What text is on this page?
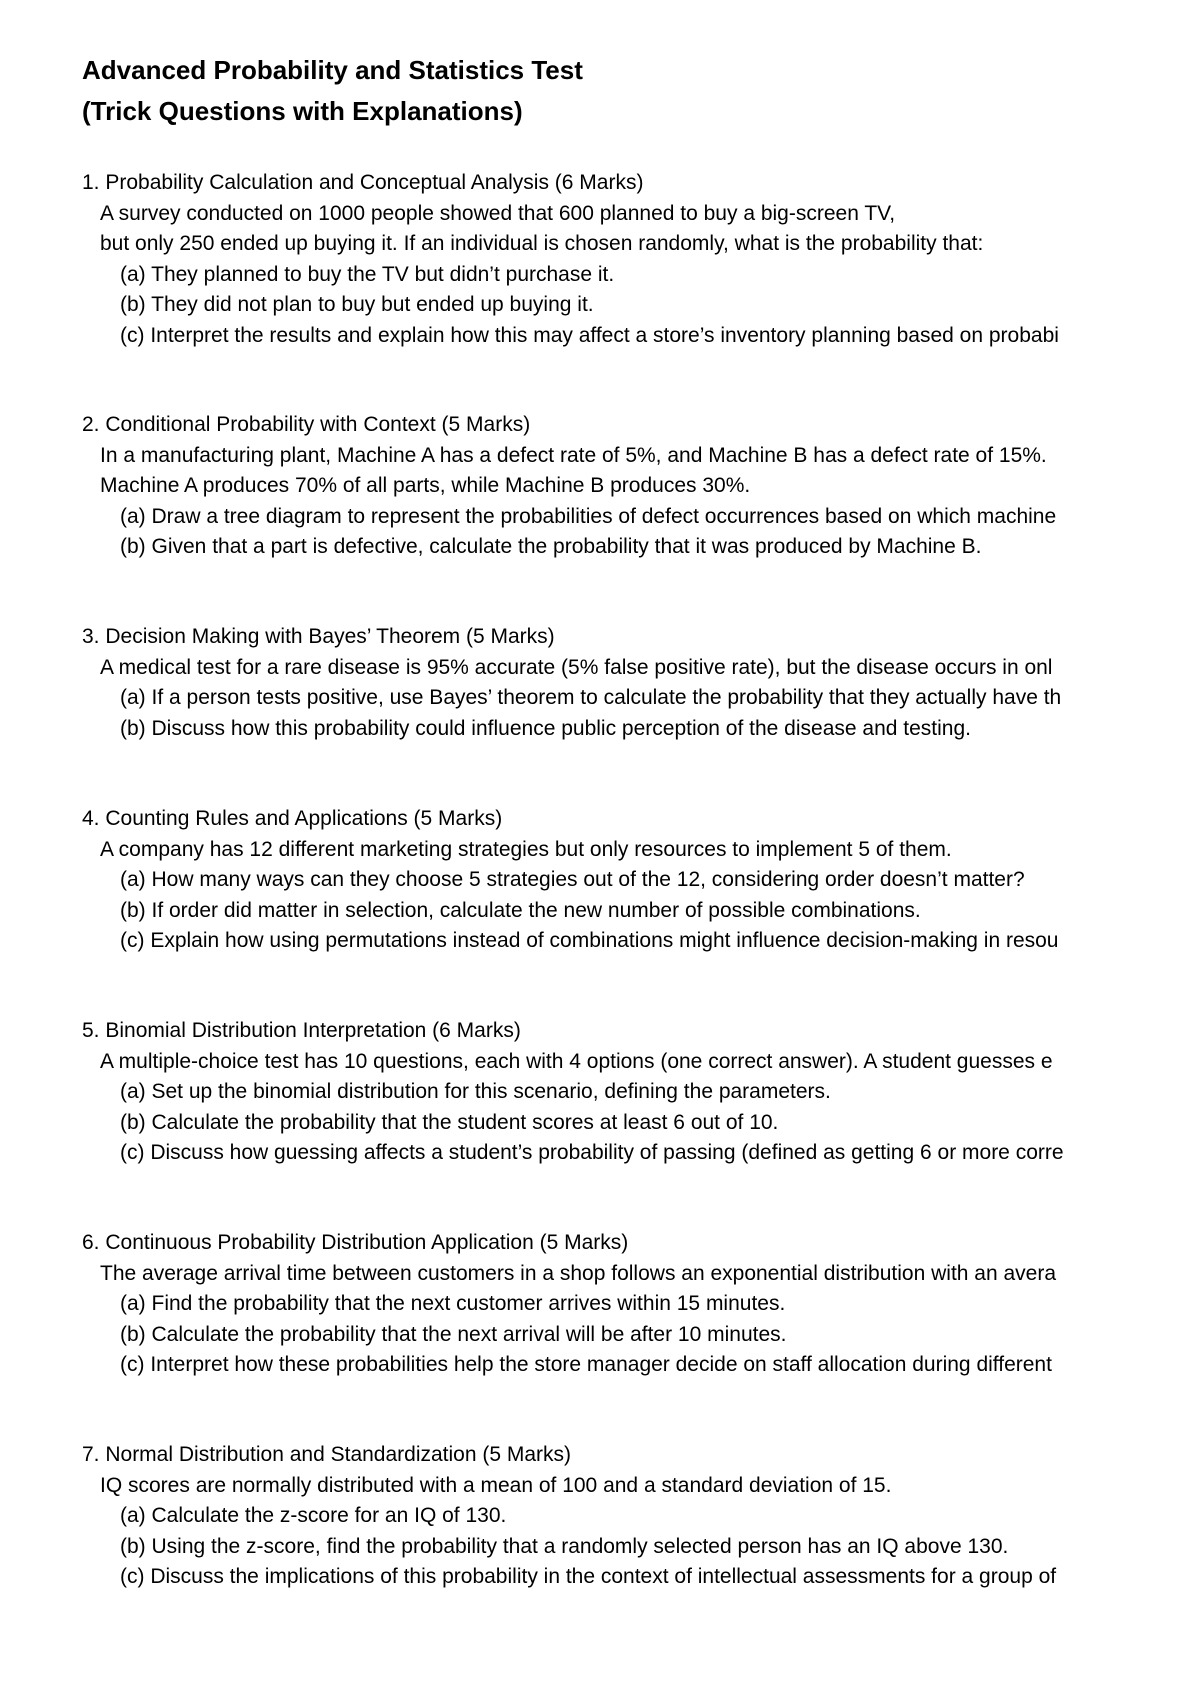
Advanced Probability and Statistics Test
(Trick Questions with Explanations)
1. Probability Calculation and Conceptual Analysis (6 Marks)
A survey conducted on 1000 people showed that 600 planned to buy a big-screen TV,
but only 250 ended up buying it. If an individual is chosen randomly, what is the probability that:
(a) They planned to buy the TV but didn’t purchase it.
(b) They did not plan to buy but ended up buying it.
(c) Interpret the results and explain how this may affect a store’s inventory planning based on probabi
2. Conditional Probability with Context (5 Marks)
In a manufacturing plant, Machine A has a defect rate of 5%, and Machine B has a defect rate of 15%.
Machine A produces 70% of all parts, while Machine B produces 30%.
(a) Draw a tree diagram to represent the probabilities of defect occurrences based on which machine
(b) Given that a part is defective, calculate the probability that it was produced by Machine B.
3. Decision Making with Bayes’ Theorem (5 Marks)
A medical test for a rare disease is 95% accurate (5% false positive rate), but the disease occurs in onl
(a) If a person tests positive, use Bayes’ theorem to calculate the probability that they actually have th
(b) Discuss how this probability could influence public perception of the disease and testing.
4. Counting Rules and Applications (5 Marks)
A company has 12 different marketing strategies but only resources to implement 5 of them.
(a) How many ways can they choose 5 strategies out of the 12, considering order doesn’t matter?
(b) If order did matter in selection, calculate the new number of possible combinations.
(c) Explain how using permutations instead of combinations might influence decision-making in resou
5. Binomial Distribution Interpretation (6 Marks)
A multiple-choice test has 10 questions, each with 4 options (one correct answer). A student guesses e
(a) Set up the binomial distribution for this scenario, defining the parameters.
(b) Calculate the probability that the student scores at least 6 out of 10.
(c) Discuss how guessing affects a student’s probability of passing (defined as getting 6 or more corre
6. Continuous Probability Distribution Application (5 Marks)
The average arrival time between customers in a shop follows an exponential distribution with an avera
(a) Find the probability that the next customer arrives within 15 minutes.
(b) Calculate the probability that the next arrival will be after 10 minutes.
(c) Interpret how these probabilities help the store manager decide on staff allocation during different
7. Normal Distribution and Standardization (5 Marks)
IQ scores are normally distributed with a mean of 100 and a standard deviation of 15.
(a) Calculate the z-score for an IQ of 130.
(b) Using the z-score, find the probability that a randomly selected person has an IQ above 130.
(c) Discuss the implications of this probability in the context of intellectual assessments for a group of
